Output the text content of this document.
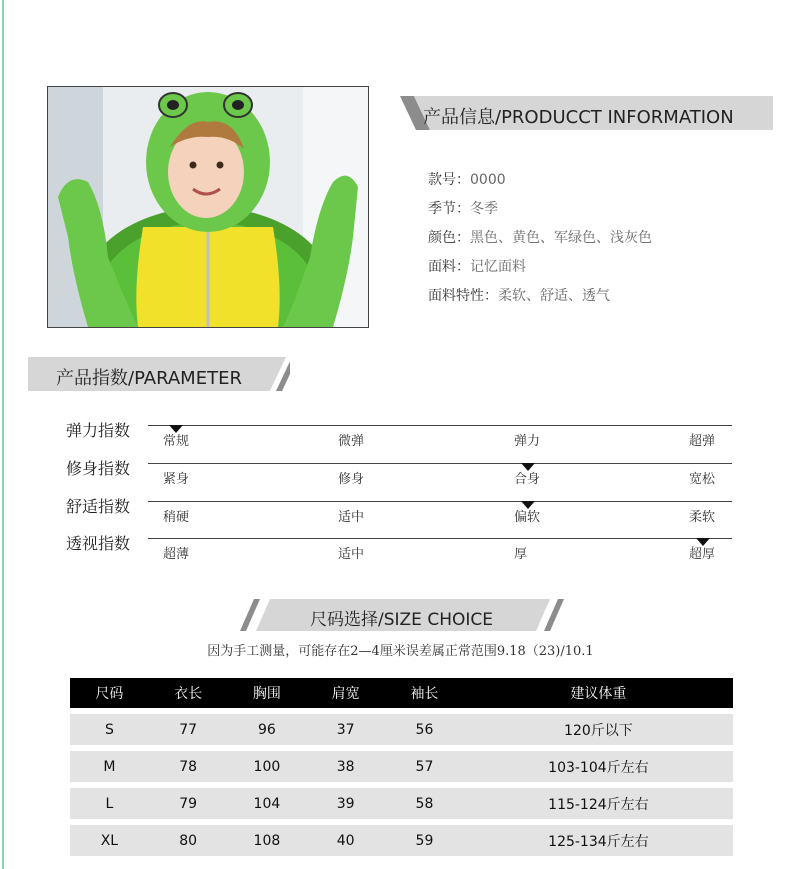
产品信息/PRODUCCT INFORMATION
款号：0000
季节：冬季
颜色：黑色、黄色、军绿色、浅灰色
面料：记忆面料
面料特性：柔软、舒适、透气
产品指数/PARAMETER
弹力指数
常规	微弹	弹力	超弹
修身指数
紧身	修身	合身	宽松
舒适指数
稍硬	适中	偏软	柔软
透视指数
超薄	适中	厚	超厚
尺码选择/SIZE CHOICE
因为手工测量，可能存在2—4厘米误差属正常范围9.18（23)/10.1
尺码	衣长	胸围	肩宽	袖长	建议体重
S	77	96	37	56	120斤以下
M	78	100	38	57	103-104斤左右
L	79	104	39	58	115-124斤左右
XL	80	108	40	59	125-134斤左右
